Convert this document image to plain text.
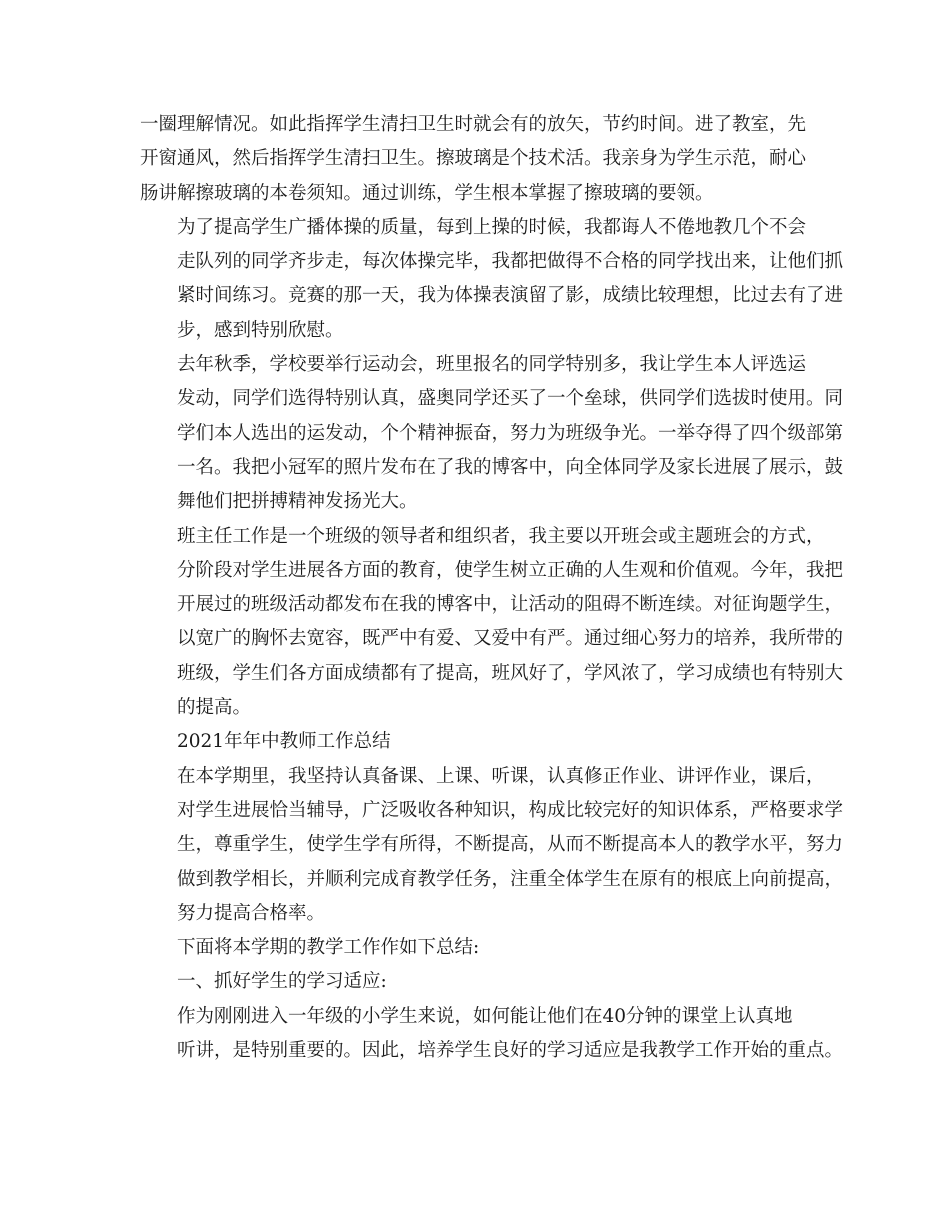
一圈理解情况。如此指挥学生清扫卫生时就会有的放矢，节约时间。进了教室，先
开窗通风，然后指挥学生清扫卫生。擦玻璃是个技术活。我亲身为学生示范，耐心
肠讲解擦玻璃的本卷须知。通过训练，学生根本掌握了擦玻璃的要领。
为了提高学生广播体操的质量，每到上操的时候，我都诲人不倦地教几个不会
走队列的同学齐步走，每次体操完毕，我都把做得不合格的同学找出来，让他们抓
紧时间练习。竞赛的那一天，我为体操表演留了影，成绩比较理想，比过去有了进
步，感到特别欣慰。
去年秋季，学校要举行运动会，班里报名的同学特别多，我让学生本人评选运
发动，同学们选得特别认真，盛奥同学还买了一个垒球，供同学们选拔时使用。同
学们本人选出的运发动，个个精神振奋，努力为班级争光。一举夺得了四个级部第
一名。我把小冠军的照片发布在了我的博客中，向全体同学及家长进展了展示，鼓
舞他们把拼搏精神发扬光大。
班主任工作是一个班级的领导者和组织者，我主要以开班会或主题班会的方式，
分阶段对学生进展各方面的教育，使学生树立正确的人生观和价值观。今年，我把
开展过的班级活动都发布在我的博客中，让活动的阻碍不断连续。对征询题学生，
以宽广的胸怀去宽容，既严中有爱、又爱中有严。通过细心努力的培养，我所带的
班级，学生们各方面成绩都有了提高，班风好了，学风浓了，学习成绩也有特别大
的提高。
2021年年中教师工作总结
在本学期里，我坚持认真备课、上课、听课，认真修正作业、讲评作业，课后，
对学生进展恰当辅导，广泛吸收各种知识，构成比较完好的知识体系，严格要求学
生，尊重学生，使学生学有所得，不断提高，从而不断提高本人的教学水平，努力
做到教学相长，并顺利完成育教学任务，注重全体学生在原有的根底上向前提高，
努力提高合格率。
下面将本学期的教学工作作如下总结:
一、抓好学生的学习适应:
作为刚刚进入一年级的小学生来说，如何能让他们在40分钟的课堂上认真地
听讲，是特别重要的。因此，培养学生良好的学习适应是我教学工作开始的重点。
